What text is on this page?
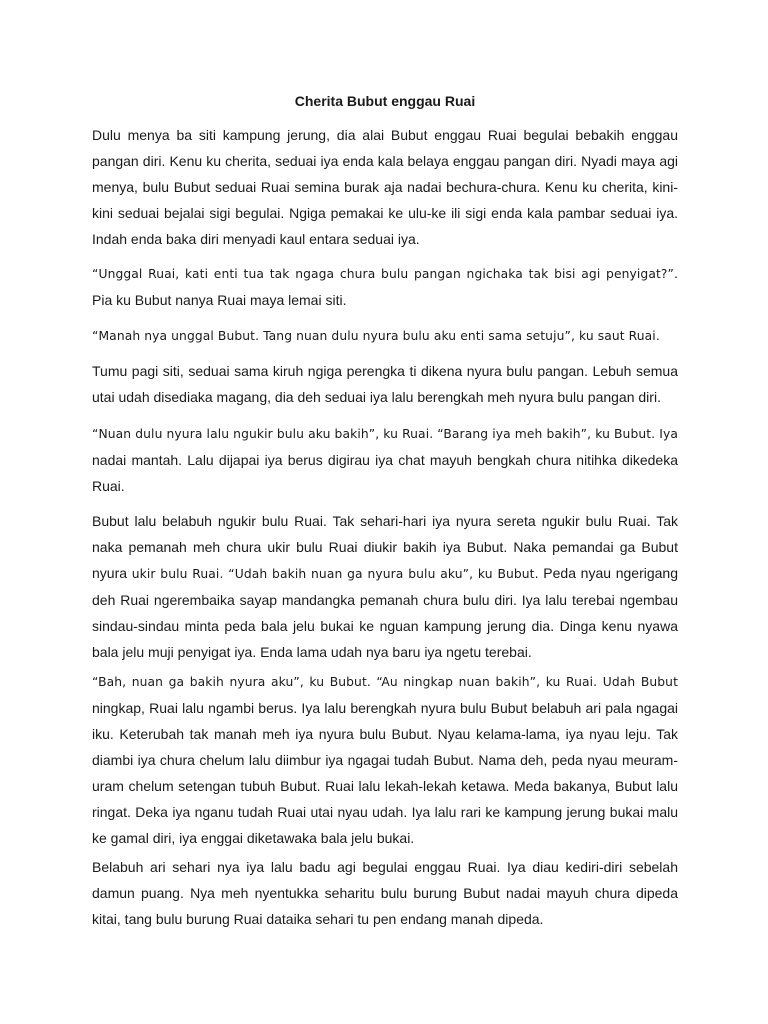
Cherita Bubut enggau Ruai

Dulu menya ba siti kampung jerung, dia alai Bubut enggau Ruai begulai bebakih enggau pangan diri. Kenu ku cherita, seduai iya enda kala belaya enggau pangan diri. Nyadi maya agi menya, bulu Bubut seduai Ruai semina burak aja nadai bechura-chura. Kenu ku cherita, kini-kini seduai bejalai sigi begulai. Ngiga pemakai ke ulu-ke ili sigi enda kala pambar seduai iya. Indah enda baka diri menyadi kaul entara seduai iya.

“Unggal Ruai, kati enti tua tak ngaga chura bulu pangan ngichaka tak bisi agi penyigat?”. Pia ku Bubut nanya Ruai maya lemai siti.

“Manah nya unggal Bubut. Tang nuan dulu nyura bulu aku enti sama setuju”, ku saut Ruai.

Tumu pagi siti, seduai sama kiruh ngiga perengka ti dikena nyura bulu pangan. Lebuh semua utai udah disediaka magang, dia deh seduai iya lalu berengkah meh nyura bulu pangan diri.

“Nuan dulu nyura lalu ngukir bulu aku bakih”, ku Ruai. “Barang iya meh bakih”, ku Bubut. Iya nadai mantah. Lalu dijapai iya berus digirau iya chat mayuh bengkah chura nitihka dikedeka Ruai.

Bubut lalu belabuh ngukir bulu Ruai. Tak sehari-hari iya nyura sereta ngukir bulu Ruai. Tak naka pemanah meh chura ukir bulu Ruai diukir bakih iya Bubut. Naka pemandai ga Bubut nyura ukir bulu Ruai. “Udah bakih nuan ga nyura bulu aku”, ku Bubut. Peda nyau ngerigang deh Ruai ngerembaika sayap mandangka pemanah chura bulu diri. Iya lalu terebai ngembau sindau-sindau minta peda bala jelu bukai ke nguan kampung jerung dia. Dinga kenu nyawa bala jelu muji penyigat iya. Enda lama udah nya baru iya ngetu terebai.

“Bah, nuan ga bakih nyura aku”, ku Bubut. “Au ningkap nuan bakih”, ku Ruai. Udah Bubut ningkap, Ruai lalu ngambi berus. Iya lalu berengkah nyura bulu Bubut belabuh ari pala ngagai iku. Keterubah tak manah meh iya nyura bulu Bubut. Nyau kelama-lama, iya nyau leju. Tak diambi iya chura chelum lalu diimbur iya ngagai tudah Bubut. Nama deh, peda nyau meuram-uram chelum setengan tubuh Bubut. Ruai lalu lekah-lekah ketawa. Meda bakanya, Bubut lalu ringat. Deka iya nganu tudah Ruai utai nyau udah. Iya lalu rari ke kampung jerung bukai malu ke gamal diri, iya enggai diketawaka bala jelu bukai.

Belabuh ari sehari nya iya lalu badu agi begulai enggau Ruai. Iya diau kediri-diri sebelah damun puang. Nya meh nyentukka seharitu bulu burung Bubut nadai mayuh chura dipeda kitai, tang bulu burung Ruai dataika sehari tu pen endang manah dipeda.
